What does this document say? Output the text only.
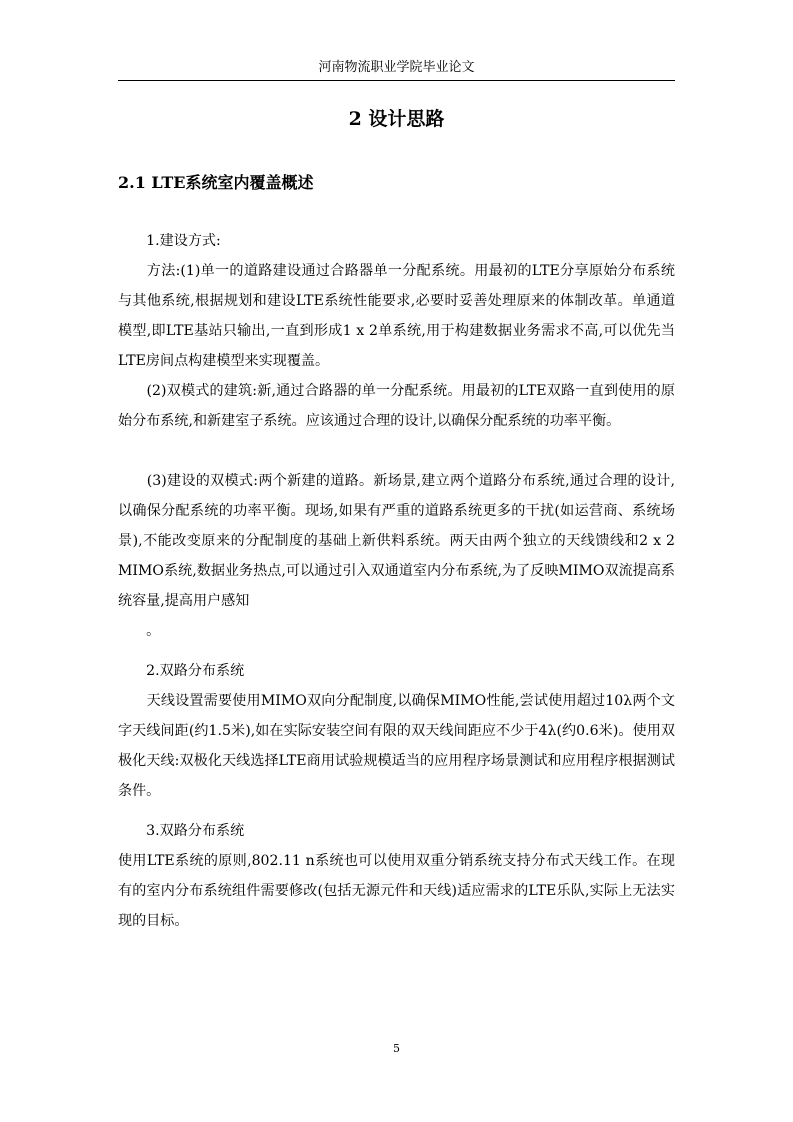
河南物流职业学院毕业论文
2 设计思路
2.1 LTE系统室内覆盖概述
　　1.建设方式:
　　方法:(1)单一的道路建设通过合路器单一分配系统。用最初的LTE分享原始分布系统与其他系统,根据规划和建设LTE系统性能要求,必要时妥善处理原来的体制改革。单通道模型,即LTE基站只输出,一直到形成1 x 2单系统,用于构建数据业务需求不高,可以优先当LTE房间点构建模型来实现覆盖。
　　(2)双模式的建筑:新,通过合路器的单一分配系统。用最初的LTE双路一直到使用的原始分布系统,和新建室子系统。应该通过合理的设计,以确保分配系统的功率平衡。
　　(3)建设的双模式:两个新建的道路。新场景,建立两个道路分布系统,通过合理的设计,以确保分配系统的功率平衡。现场,如果有严重的道路系统更多的干扰(如运营商、系统场景),不能改变原来的分配制度的基础上新供料系统。两天由两个独立的天线馈线和2 x 2 MIMO系统,数据业务热点,可以通过引入双通道室内分布系统,为了反映MIMO双流提高系统容量,提高用户感知
　　。
　　2.双路分布系统
　　天线设置需要使用MIMO双向分配制度,以确保MIMO性能,尝试使用超过10λ两个文字天线间距(约1.5米),如在实际安装空间有限的双天线间距应不少于4λ(约0.6米)。使用双极化天线:双极化天线选择LTE商用试验规模适当的应用程序场景测试和应用程序根据测试条件。
　　3.双路分布系统
使用LTE系统的原则,802.11 n系统也可以使用双重分销系统支持分布式天线工作。在现有的室内分布系统组件需要修改(包括无源元件和天线)适应需求的LTE乐队,实际上无法实现的目标。
5
